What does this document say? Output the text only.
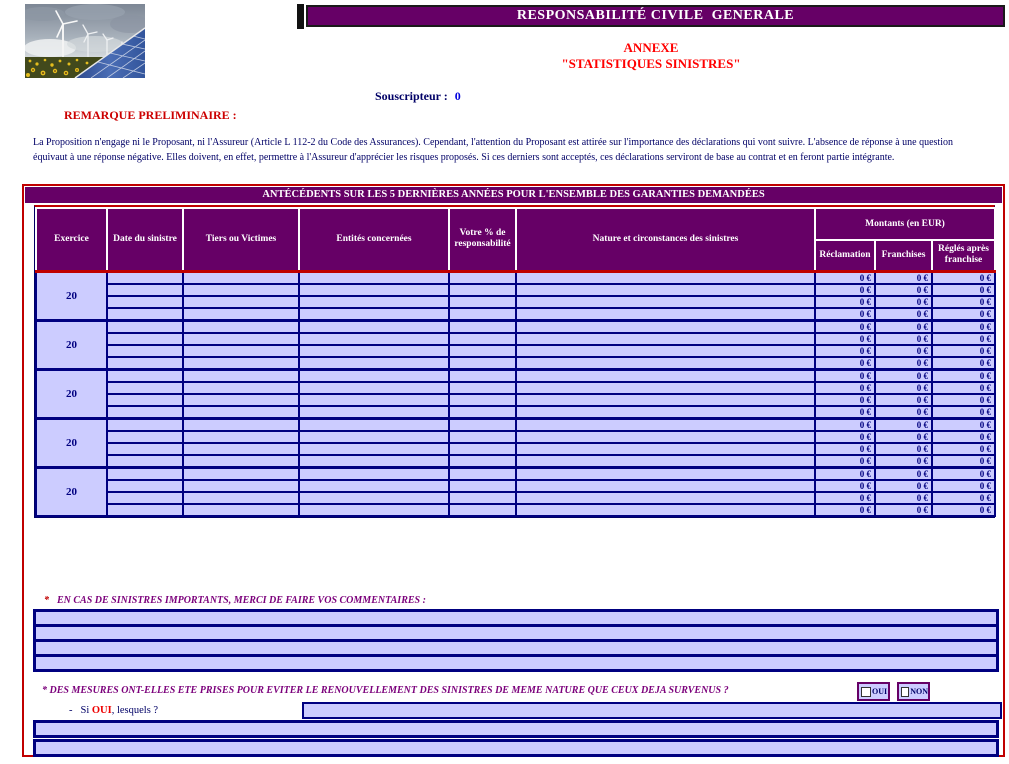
RESPONSABILITÉ CIVILE  GENERALE
ANNEXE
"STATISTIQUES SINISTRES"
Souscripteur : 0
REMARQUE PRELIMINAIRE :
La Proposition n'engage ni le Proposant, ni l'Assureur (Article L 112-2 du Code des Assurances). Cependant, l'attention du Proposant est attirée sur l'importance des déclarations qui vont suivre. L'absence de réponse à une question équivaut à une réponse négative. Elles doivent, en effet, permettre à l'Assureur d'apprécier les risques proposés. Si ces derniers sont acceptés, ces déclarations serviront de base au contrat et en feront partie intégrante.
ANTÉCÉDENTS SUR LES 5 DERNIÈRES ANNÉES POUR L'ENSEMBLE DES GARANTIES DEMANDÉES
Exercice	Date du sinistre	Tiers ou Victimes	Entités concernées	Votre % de responsabilité	Nature et circonstances des sinistres	Montants (en EUR)		
						Réclamation	Franchises	Réglés après franchise
20						0 €	0 €	0 €
						0 €	0 €	0 €
						0 €	0 €	0 €
						0 €	0 €	0 €
20						0 €	0 €	0 €
						0 €	0 €	0 €
						0 €	0 €	0 €
						0 €	0 €	0 €
20						0 €	0 €	0 €
						0 €	0 €	0 €
						0 €	0 €	0 €
						0 €	0 €	0 €
20						0 €	0 €	0 €
						0 €	0 €	0 €
						0 €	0 €	0 €
						0 €	0 €	0 €
20						0 €	0 €	0 €
						0 €	0 €	0 €
						0 €	0 €	0 €
						0 €	0 €	0 €
* EN CAS DE SINISTRES IMPORTANTS, MERCI DE FAIRE VOS COMMENTAIRES :
* DES MESURES ONT-ELLES ETE PRISES POUR EVITER LE RENOUVELLEMENT DES SINISTRES DE MEME NATURE QUE CEUX DEJA SURVENUS ?	OUI	NON
- Si OUI, lesquels ?
